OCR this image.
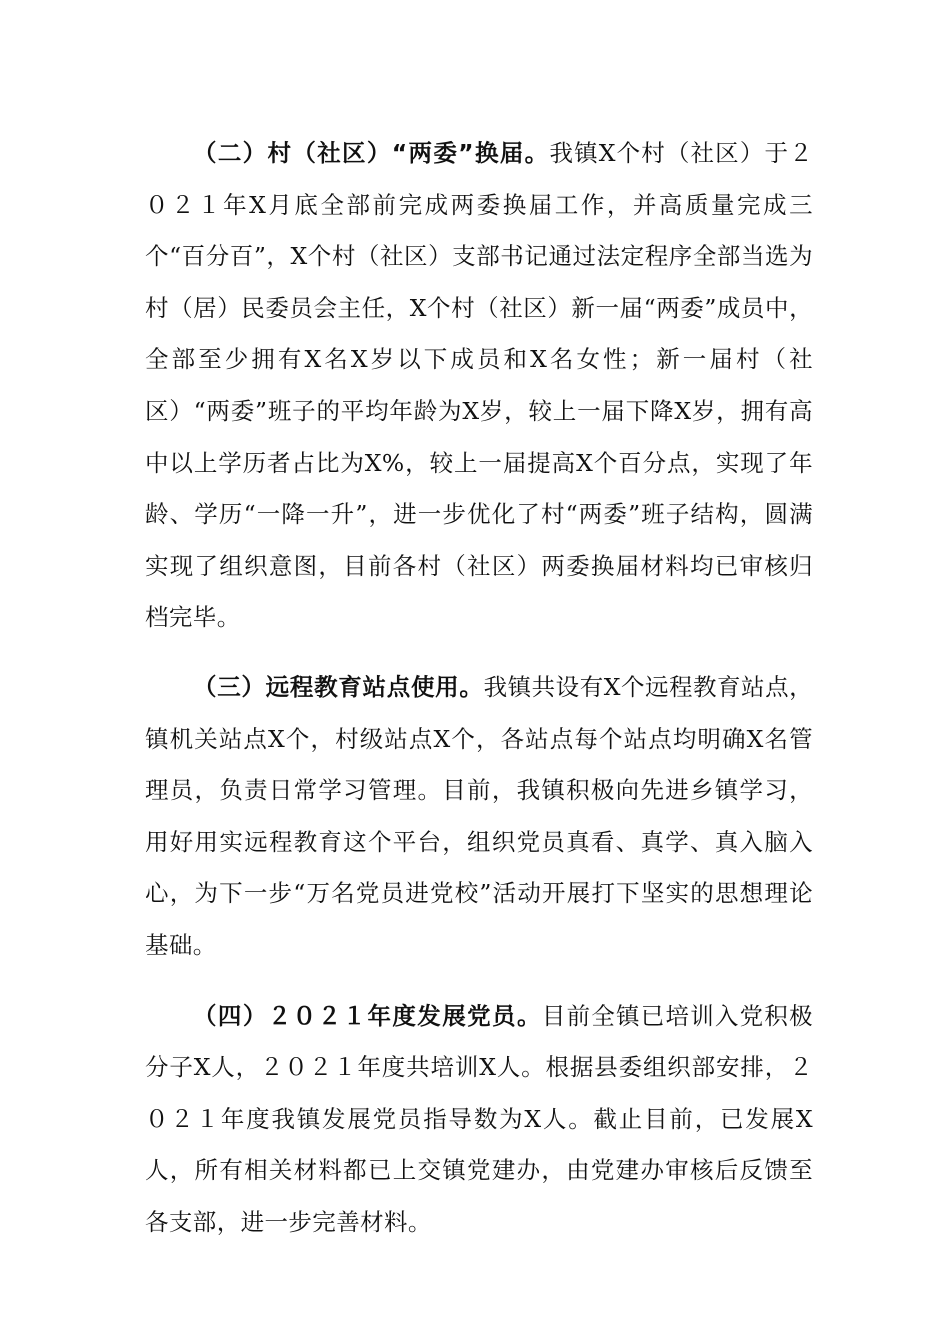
（二）村（社区）“两委”换届。我镇X个村（社区）于２０２１年X月底全部前完成两委换届工作，并高质量完成三个“百分百”，X个村（社区）支部书记通过法定程序全部当选为村（居）民委员会主任，X个村（社区）新一届“两委”成员中，全部至少拥有X名X岁以下成员和X名女性；新一届村（社区）“两委”班子的平均年龄为X岁，较上一届下降X岁，拥有高中以上学历者占比为X%，较上一届提高X个百分点，实现了年龄、学历“一降一升”，进一步优化了村“两委”班子结构，圆满实现了组织意图，目前各村（社区）两委换届材料均已审核归档完毕。

（三）远程教育站点使用。我镇共设有X个远程教育站点，镇机关站点X个，村级站点X个，各站点每个站点均明确X名管理员，负责日常学习管理。目前，我镇积极向先进乡镇学习，用好用实远程教育这个平台，组织党员真看、真学、真入脑入心，为下一步“万名党员进党校”活动开展打下坚实的思想理论基础。

（四）２０２１年度发展党员。目前全镇已培训入党积极分子X人，２０２１年度共培训X人。根据县委组织部安排，２０２１年度我镇发展党员指导数为X人。截止目前，已发展X人，所有相关材料都已上交镇党建办，由党建办审核后反馈至各支部，进一步完善材料。
